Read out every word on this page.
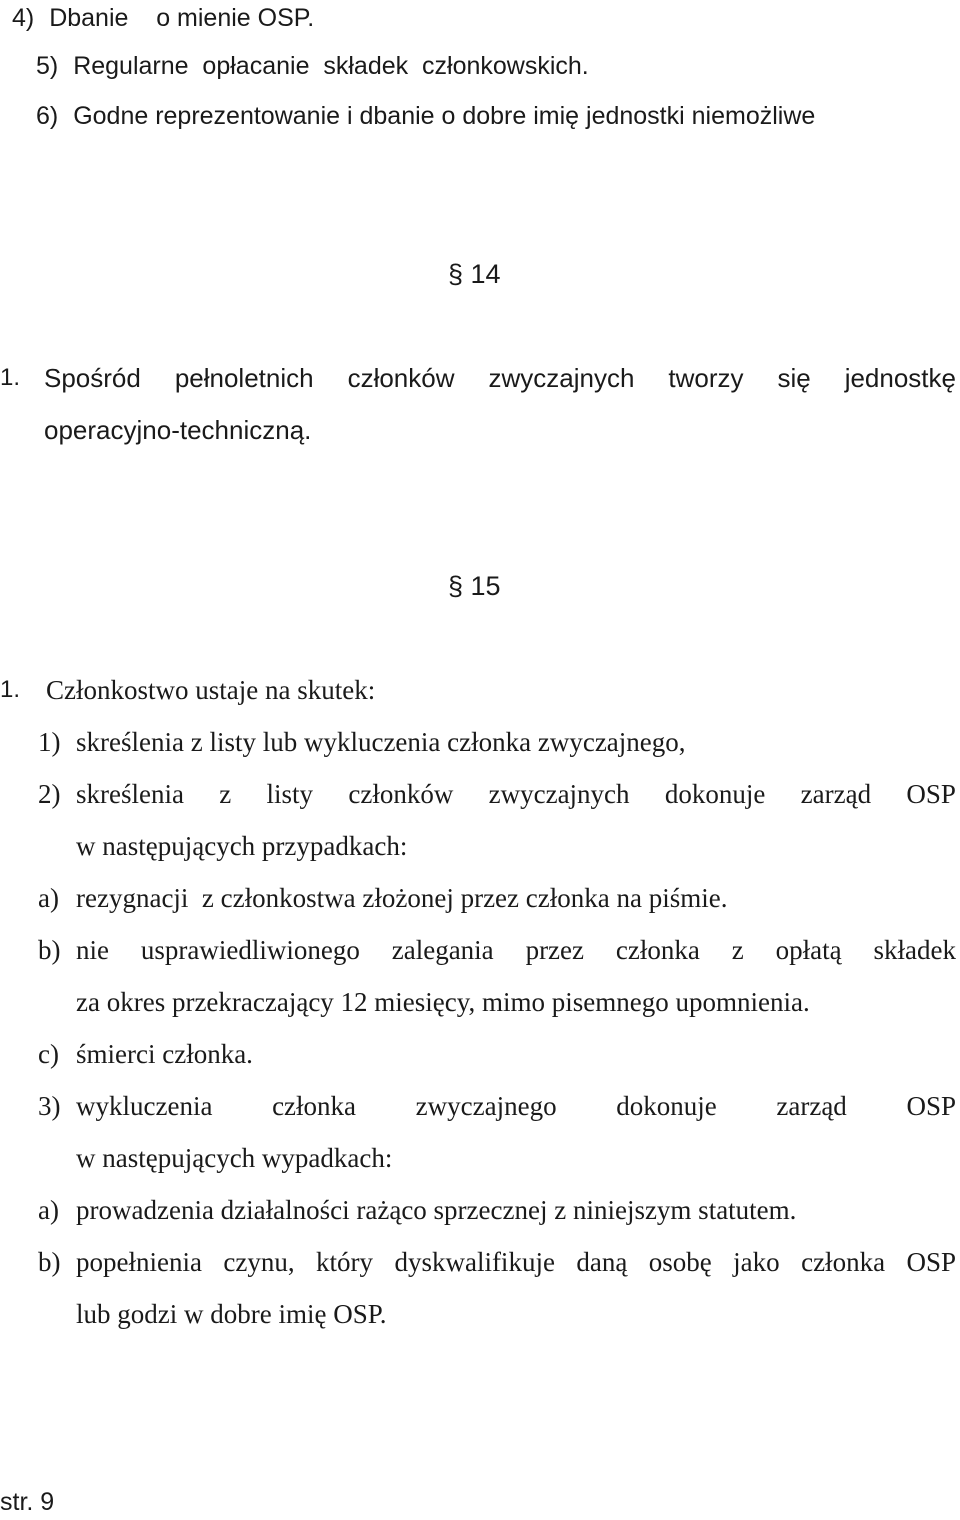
4) Dbanie    o mienie OSP.
5) Regularne  opłacanie  składek  członkowskich.
6) Godne reprezentowanie i dbanie o dobre imię jednostki niemożliwe
§ 14
1. Spośród pełnoletnich członków zwyczajnych tworzy się jednostkę
operacyjno-techniczną.
§ 15
1. Członkostwo ustaje na skutek:
1) skreślenia z listy lub wykluczenia członka zwyczajnego,
2) skreślenia z listy członków zwyczajnych dokonuje zarząd OSP
w następujących przypadkach:
a) rezygnacji  z członkostwa złożonej przez członka na piśmie.
b) nie usprawiedliwionego zalegania przez członka z opłatą składek
za okres przekraczający 12 miesięcy, mimo pisemnego upomnienia.
c) śmierci członka.
3) wykluczenia członka zwyczajnego dokonuje zarząd OSP
w następujących wypadkach:
a) prowadzenia działalności rażąco sprzecznej z niniejszym statutem.
b) popełnienia czynu, który dyskwalifikuje daną osobę jako członka OSP
lub godzi w dobre imię OSP.
str. 9
